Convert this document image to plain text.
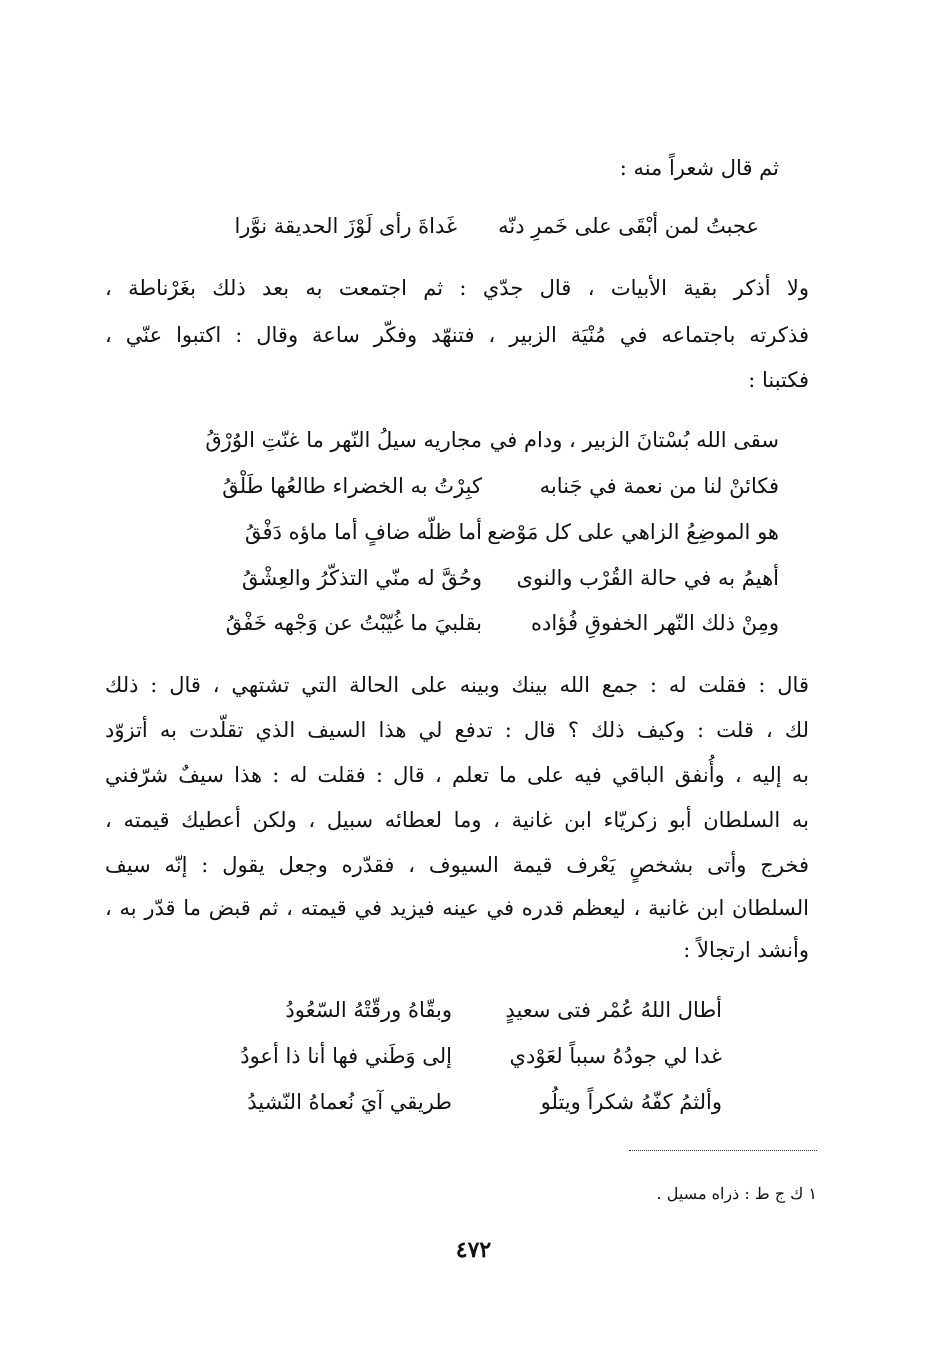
ثم قال شعراً منه :
عجبتُ لمن أبْقَى على خَمرِ دنّه
غَداةَ رأى لَوْزَ الحديقة نوَّرا
ولا أذكر بقية الأبيات ، قال جدّي : ثم اجتمعت به بعد ذلك بغَرْناطة ،
فذكرته باجتماعه في مُنْيَة الزبير ، فتنهّد وفكّر ساعة وقال : اكتبوا عنّي ،
فكتبنا :
سقى الله بُسْتانَ الزبير ، ودام في
مجاريه سيلُ النّهر ما غنّتِ الوُرْقُ
فكائنْ لنا من نعمة في جَنابه
كبِرْتُ به الخضراء طالعُها طَلْقُ
هو الموضِعُ الزاهي على كل مَوْضع
أما ظلّه ضافٍ أما ماؤه دَفْقُ
أهيمُ به في حالة القُرْب والنوى
وحُقَّ له منّي التذكّرُ والعِشْقُ
ومِنْ ذلك النّهر الخفوقِ فُؤاده
بقلبيَ ما غُيّبْتُ عن وَجْهه خَفْقُ
قال : فقلت له : جمع الله بينك وبينه على الحالة التي تشتهي ، قال : ذلك
لك ، قلت : وكيف ذلك ؟ قال : تدفع لي هذا السيف الذي تقلّدت به أتزوّد
به إليه ، وأُنفق الباقي فيه على ما تعلم ، قال : فقلت له : هذا سيفٌ شرّفني
به السلطان أبو زكريّاء ابن غانية ، وما لعطائه سبيل ، ولكن أعطيك قيمته ،
فخرج وأتى بشخصٍ يَعْرف قيمة السيوف ، فقدّره وجعل يقول : إنّه سيف
السلطان ابن غانية ، ليعظم قدره في عينه فيزيد في قيمته ، ثم قبض ما قدّر به ،
وأنشد ارتجالاً :
أطال اللهُ عُمْر فتى سعيدٍ
وبقّاهُ ورقّتْهُ السّعُودُ
غدا لي جودُهُ سبباً لعَوْدي
إلى وَطَني فها أنا ذا أعودُ
وألثمُ كفّهُ شكراً ويتلُو
طريقي آيَ نُعماهُ النّشيدُ
١ ك ج ط : ذراه مسيل .
٤٧٢
